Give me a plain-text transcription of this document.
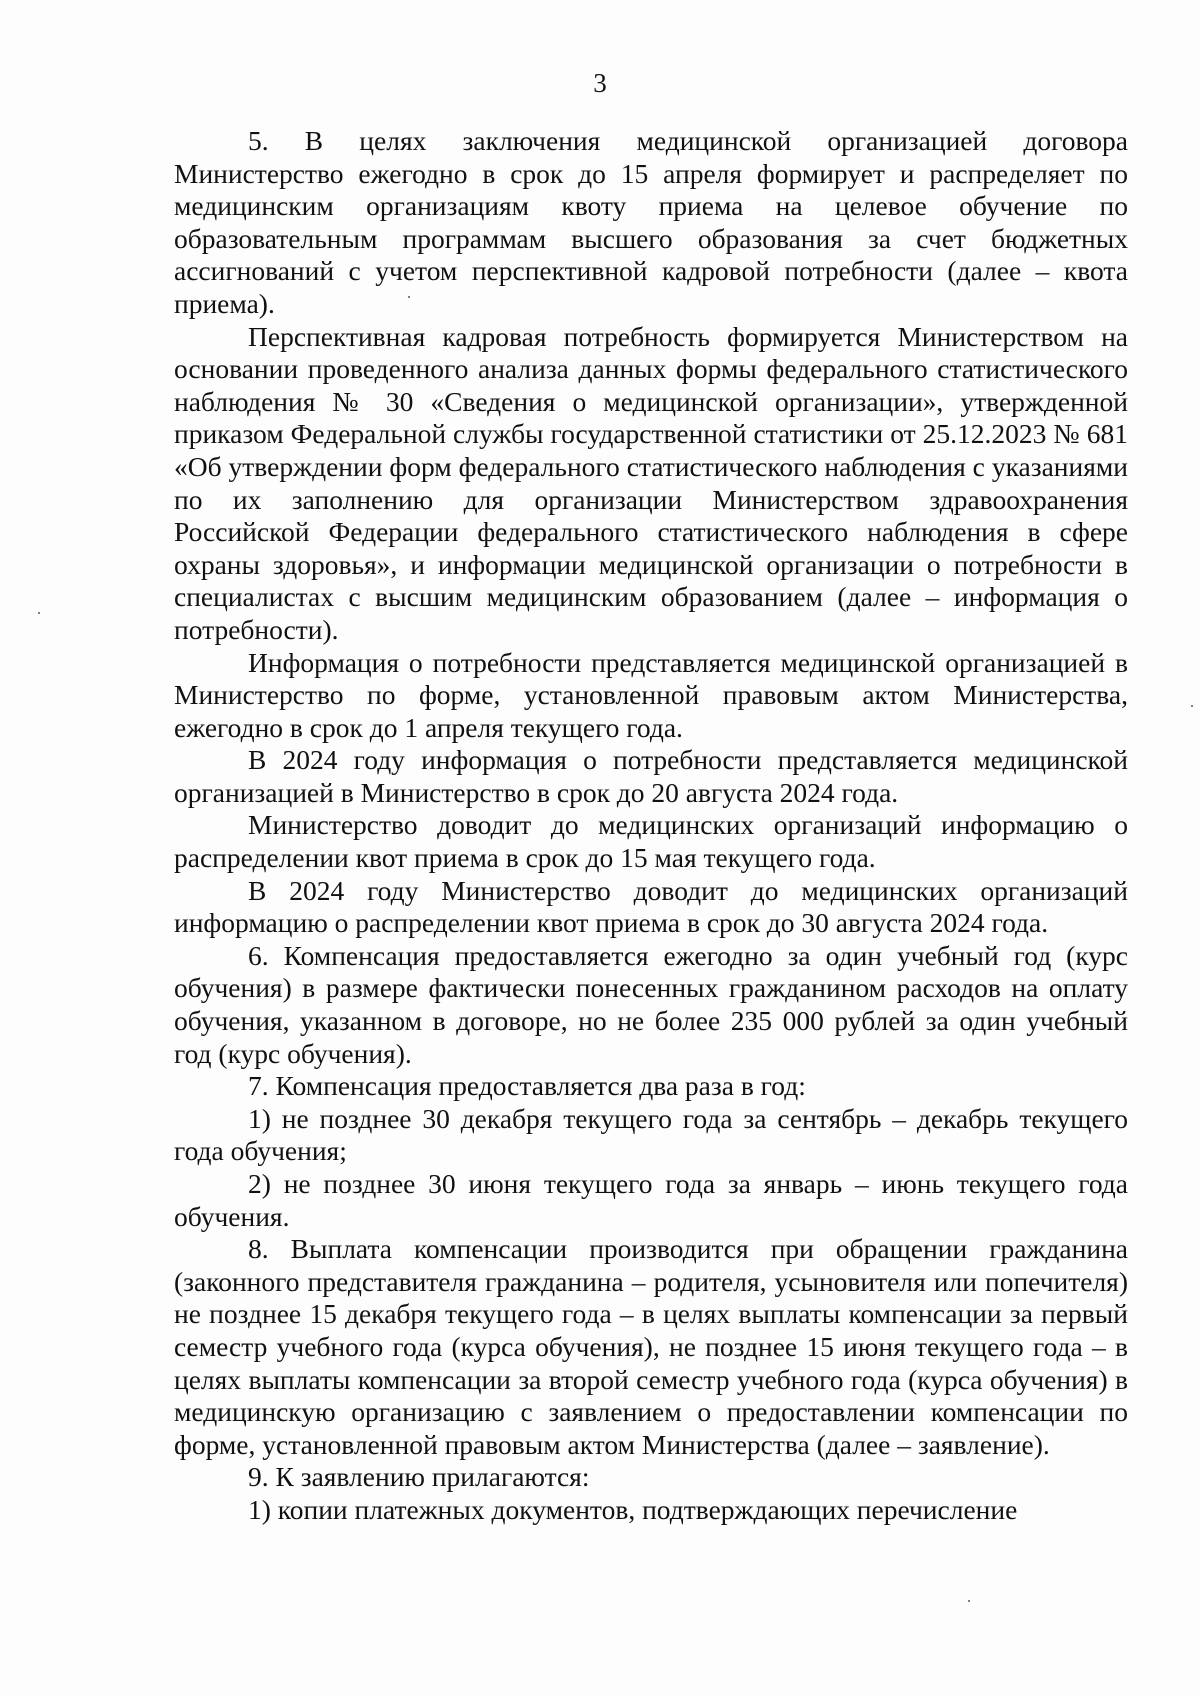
3

5. В целях заключения медицинской организацией договора Министерство ежегодно в срок до 15 апреля формирует и распределяет по медицинским организациям квоту приема на целевое обучение по образовательным программам высшего образования за счет бюджетных ассигнований с учетом перспективной кадровой потребности (далее – квота приема).

Перспективная кадровая потребность формируется Министерством на основании проведенного анализа данных формы федерального статистического наблюдения № 30 «Сведения о медицинской организации», утвержденной приказом Федеральной службы государственной статистики от 25.12.2023 № 681 «Об утверждении форм федерального статистического наблюдения с указаниями по их заполнению для организации Министерством здравоохранения Российской Федерации федерального статистического наблюдения в сфере охраны здоровья», и информации медицинской организации о потребности в специалистах с высшим медицинским образованием (далее – информация о потребности).

Информация о потребности представляется медицинской организацией в Министерство по форме, установленной правовым актом Министерства, ежегодно в срок до 1 апреля текущего года.

В 2024 году информация о потребности представляется медицинской организацией в Министерство в срок до 20 августа 2024 года.

Министерство доводит до медицинских организаций информацию о распределении квот приема в срок до 15 мая текущего года.

В 2024 году Министерство доводит до медицинских организаций информацию о распределении квот приема в срок до 30 августа 2024 года.

6. Компенсация предоставляется ежегодно за один учебный год (курс обучения) в размере фактически понесенных гражданином расходов на оплату обучения, указанном в договоре, но не более 235 000 рублей за один учебный год (курс обучения).

7. Компенсация предоставляется два раза в год:

1) не позднее 30 декабря текущего года за сентябрь – декабрь текущего года обучения;

2) не позднее 30 июня текущего года за январь – июнь текущего года обучения.

8. Выплата компенсации производится при обращении гражданина (законного представителя гражданина – родителя, усыновителя или попечителя) не позднее 15 декабря текущего года – в целях выплаты компенсации за первый семестр учебного года (курса обучения), не позднее 15 июня текущего года – в целях выплаты компенсации за второй семестр учебного года (курса обучения) в медицинскую организацию с заявлением о предоставлении компенсации по форме, установленной правовым актом Министерства (далее – заявление).

9. К заявлению прилагаются:

1) копии платежных документов, подтверждающих перечисление
